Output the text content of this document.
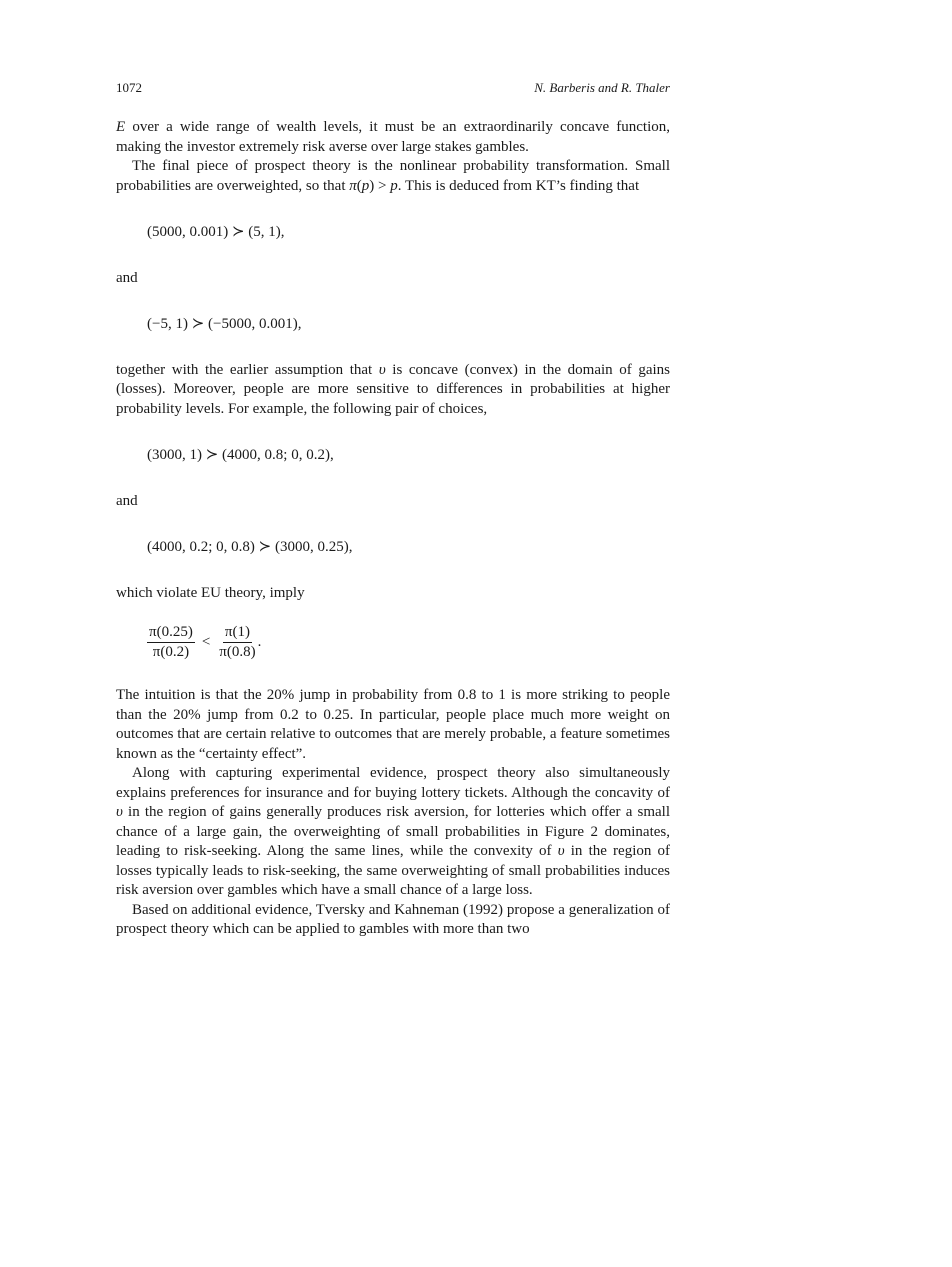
1072	N. Barberis and R. Thaler

E over a wide range of wealth levels, it must be an extraordinarily concave function, making the investor extremely risk averse over large stakes gambles.

The final piece of prospect theory is the nonlinear probability transformation. Small probabilities are overweighted, so that π(p) > p. This is deduced from KT’s finding that

(5000, 0.001) ≻ (5, 1),

and

(−5, 1) ≻ (−5000, 0.001),

together with the earlier assumption that υ is concave (convex) in the domain of gains (losses). Moreover, people are more sensitive to differences in probabilities at higher probability levels. For example, the following pair of choices,

(3000, 1) ≻ (4000, 0.8; 0, 0.2),

and

(4000, 0.2; 0, 0.8) ≻ (3000, 0.25),

which violate EU theory, imply

$\frac{\pi(0.25)}{\pi(0.2)} < \frac{\pi(1)}{\pi(0.8)}$ .

The intuition is that the 20% jump in probability from 0.8 to 1 is more striking to people than the 20% jump from 0.2 to 0.25. In particular, people place much more weight on outcomes that are certain relative to outcomes that are merely probable, a feature sometimes known as the “certainty effect”.

Along with capturing experimental evidence, prospect theory also simultaneously explains preferences for insurance and for buying lottery tickets. Although the concavity of υ in the region of gains generally produces risk aversion, for lotteries which offer a small chance of a large gain, the overweighting of small probabilities in Figure 2 dominates, leading to risk-seeking. Along the same lines, while the convexity of υ in the region of losses typically leads to risk-seeking, the same overweighting of small probabilities induces risk aversion over gambles which have a small chance of a large loss.

Based on additional evidence, Tversky and Kahneman (1992) propose a generalization of prospect theory which can be applied to gambles with more than two
